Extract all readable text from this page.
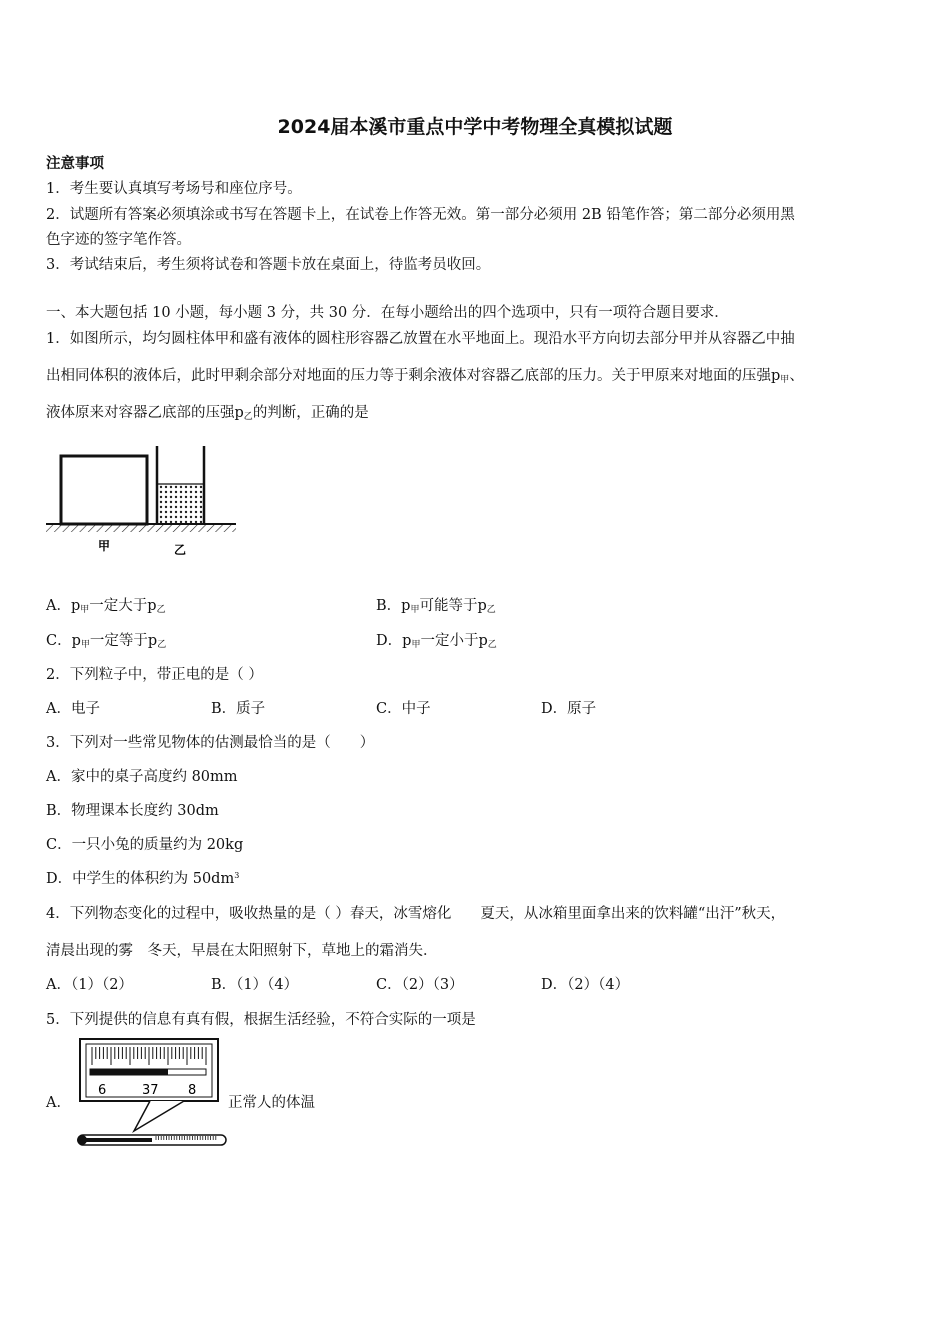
2024届本溪市重点中学中考物理全真模拟试题
注意事项
1．考生要认真填写考场号和座位序号。
2．试题所有答案必须填涂或书写在答题卡上，在试卷上作答无效。第一部分必须用 2B 铅笔作答；第二部分必须用黑
色字迹的签字笔作答。
3．考试结束后，考生须将试卷和答题卡放在桌面上，待监考员收回。
一、本大题包括 10 小题，每小题 3 分，共 30 分．在每小题给出的四个选项中，只有一项符合题目要求．
1．如图所示，均匀圆柱体甲和盛有液体的圆柱形容器乙放置在水平地面上。现沿水平方向切去部分甲并从容器乙中抽
出相同体积的液体后，此时甲剩余部分对地面的压力等于剩余液体对容器乙底部的压力。关于甲原来对地面的压强$p_甲$、
液体原来对容器乙底部的压强$p_乙$的判断，正确的是
甲	乙
A．$p_甲$一定大于$p_乙$	B．$p_甲$可能等于$p_乙$
C．$p_甲$一定等于$p_乙$	D．$p_甲$一定小于$p_乙$
2．下列粒子中，带正电的是（ ）
A．电子	B．质子	C．中子	D．原子
3．下列对一些常见物体的估测最恰当的是（　　）
A．家中的桌子高度约 80mm
B．物理课本长度约 30dm
C．一只小兔的质量约为 20kg
D．中学生的体积约为 $50dm^3$
4．下列物态变化的过程中，吸收热量的是（ ）春天，冰雪熔化　　夏天，从冰箱里面拿出来的饮料罐“出汗”秋天，
清晨出现的雾　冬天，早晨在太阳照射下，草地上的霜消失．
A．（1）（2）	B．（1）（4）	C．（2）（3）	D．（2）（4）
5．下列提供的信息有真有假，根据生活经验，不符合实际的一项是
A．
6	37 8
正常人的体温
